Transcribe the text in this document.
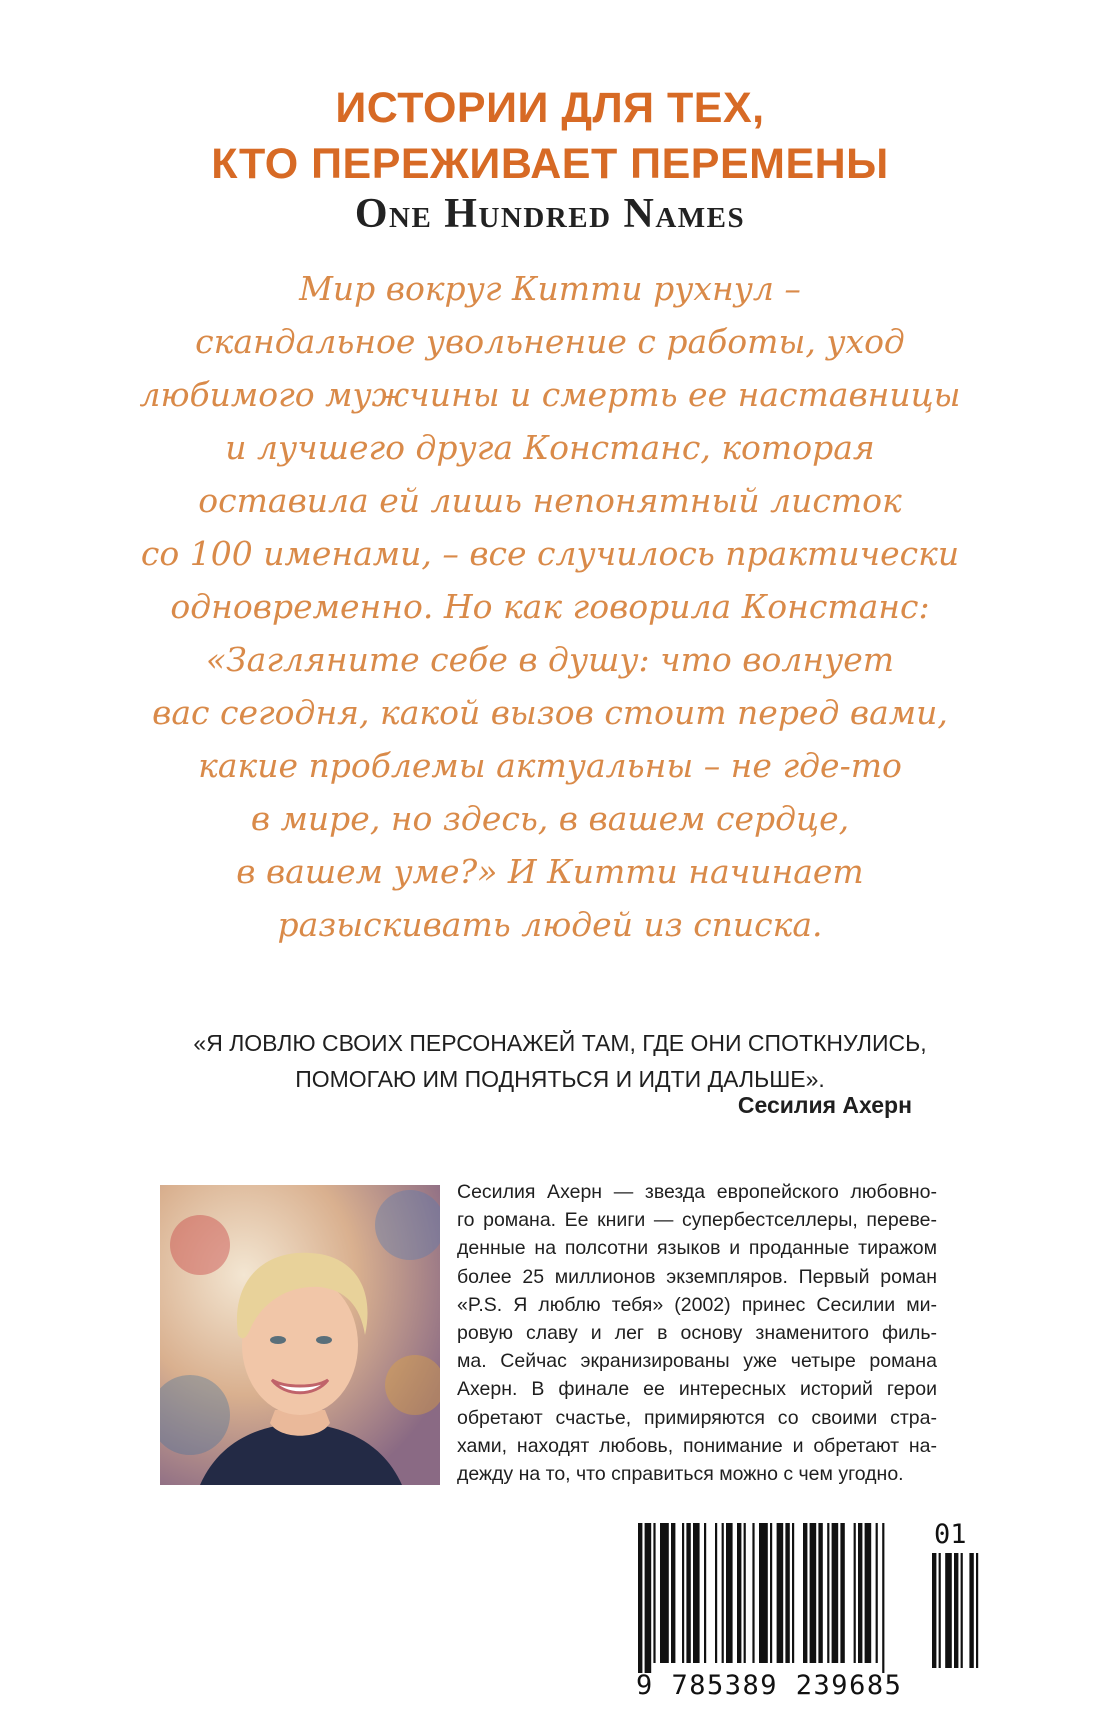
ИСТОРИИ ДЛЯ ТЕХ,
КТО ПЕРЕЖИВАЕТ ПЕРЕМЕНЫ
One Hundred Names
Мир вокруг Китти рухнул –
скандальное увольнение с работы, уход
любимого мужчины и смерть ее наставницы
и лучшего друга Констанс, которая
оставила ей лишь непонятный листок
со 100 именами, – все случилось практически
одновременно. Но как говорила Констанс:
«Загляните себе в душу: что волнует
вас сегодня, какой вызов стоит перед вами,
какие проблемы актуальны – не где-то
в мире, но здесь, в вашем сердце,
в вашем уме?» И Китти начинает
разыскивать людей из списка.
«Я ЛОВЛЮ СВОИХ ПЕРСОНАЖЕЙ ТАМ, ГДЕ ОНИ СПОТКНУЛИСЬ,
ПОМОГАЮ ИМ ПОДНЯТЬСЯ И ИДТИ ДАЛЬШЕ».
Сесилия Ахерн
Сесилия Ахерн — звезда европейского любовно-
го романа. Ее книги — супербестселлеры, переве-
денные на полсотни языков и проданные тиражом
более 25 миллионов экземпляров. Первый роман
«P.S. Я люблю тебя» (2002) принес Сесилии ми-
ровую славу и лег в основу знаменитого филь-
ма. Сейчас экранизированы уже четыре романа
Ахерн. В финале ее интересных историй герои
обретают счастье, примиряются со своими стра-
хами, находят любовь, понимание и обретают на-
дежду на то, что справиться можно с чем угодно.
9 785389 239685
01
